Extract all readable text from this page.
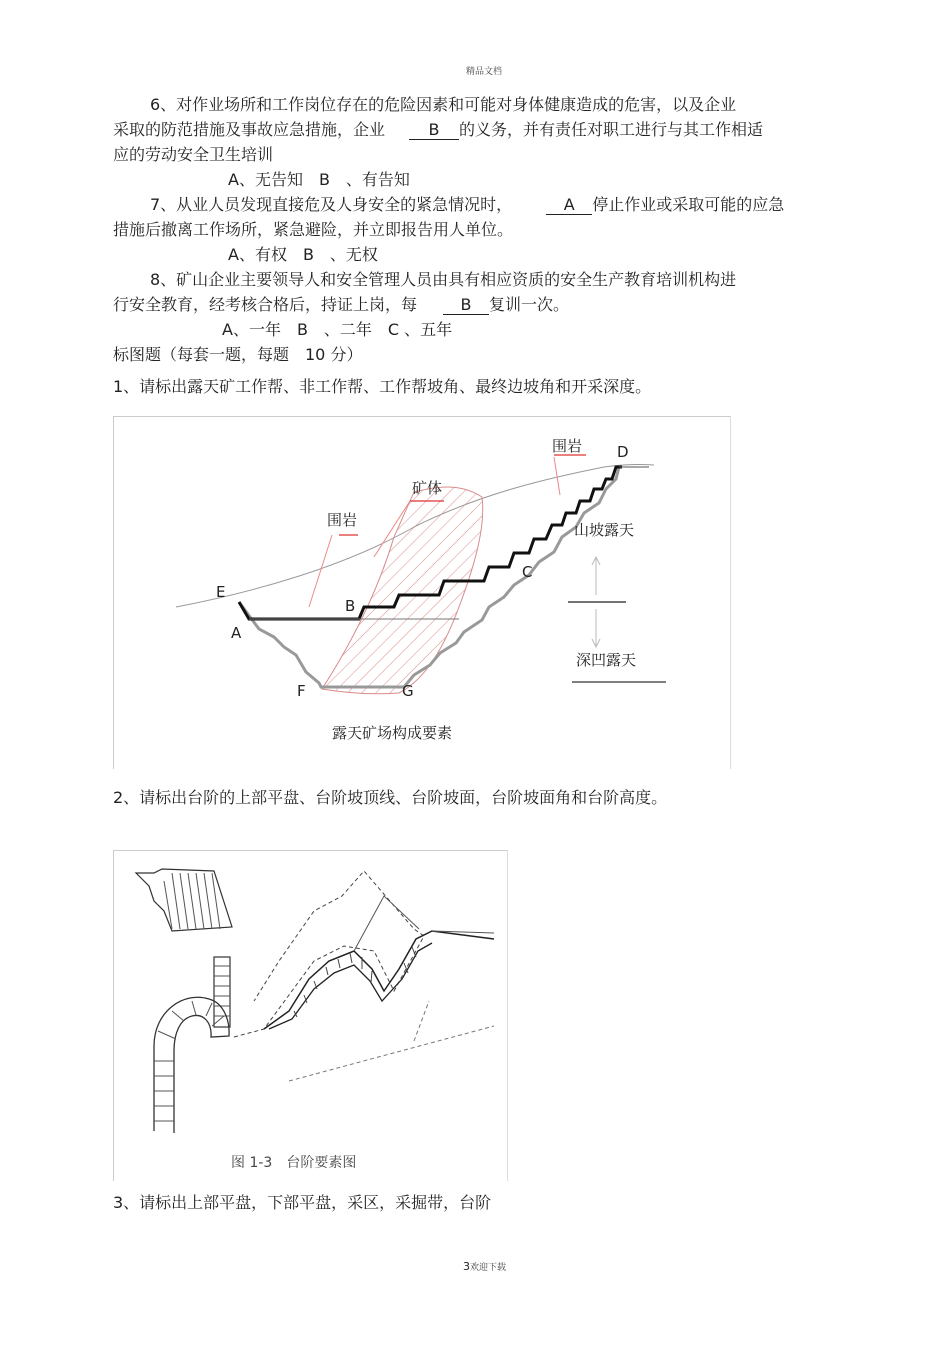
精品文档
6、对作业场所和工作岗位存在的危险因素和可能对身体健康造成的危害，以及企业
采取的防范措施及事故应急措施，企业	B 的义务，并有责任对职工进行与其工作相适
应的劳动安全卫生培训
A、无告知　B　、有告知
7、从业人员发现直接危及人身安全的紧急情况时，	A 停止作业或采取可能的应急
措施后撤离工作场所，紧急避险，并立即报告用人单位。
A、有权　B　、无权
8、矿山企业主要领导人和安全管理人员由具有相应资质的安全生产教育培训机构进
行安全教育，经考核合格后，持证上岗，每	B 复训一次。
A、一年　B　、二年　C 、五年
标图题（每套一题，每题　10 分）
1、请标出露天矿工作帮、非工作帮、工作帮坡角、最终边坡角和开采深度。
围岩
矿体
围岩
山坡露天
深凹露天
A
B
C
D
E
F	G
露天矿场构成要素
2、请标出台阶的上部平盘、台阶坡顶线、台阶坡面，台阶坡面角和台阶高度。
图 1-3　台阶要素图
3、请标出上部平盘，下部平盘，采区，采掘带，台阶
3欢迎下载
